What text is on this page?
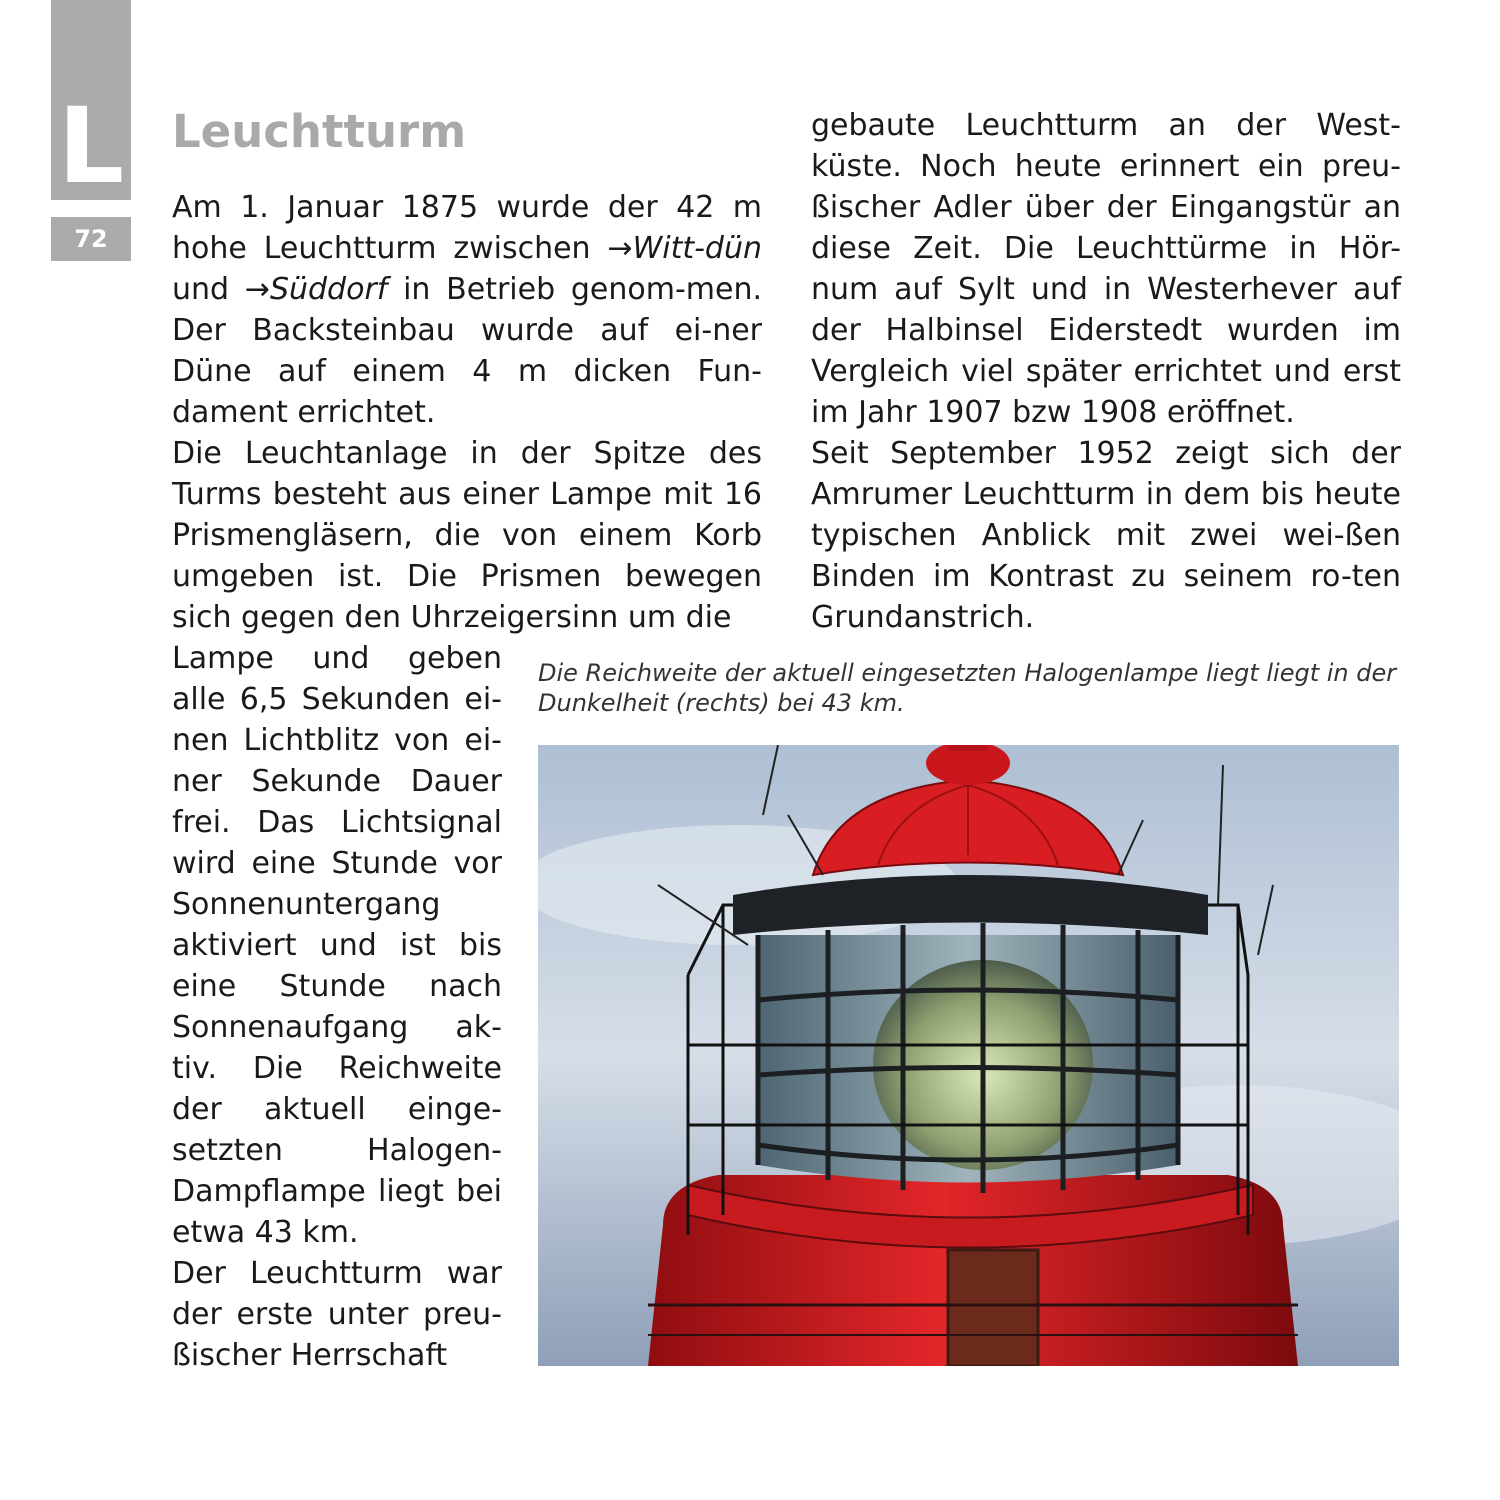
L
72
Leuchtturm

Am 1. Januar 1875 wurde der 42 m hohe Leuchtturm zwischen →Witt-dün und →Süddorf in Betrieb genom-men. Der Backsteinbau wurde auf ei-ner Düne auf einem 4 m dicken Fun-dament errichtet.

Die Leuchtanlage in der Spitze des Turms besteht aus einer Lampe mit 16 Prismengläsern, die von einem Korb umgeben ist. Die Prismen bewegen sich gegen den Uhrzeigersinn um die

Lampe und geben alle 6,5 Sekunden ei-nen Lichtblitz von ei-ner Sekunde Dauer frei. Das Lichtsignal wird eine Stunde vor Sonnenuntergang aktiviert und ist bis eine Stunde nach Sonnenaufgang ak-tiv. Die Reichweite der aktuell einge-setzten Halogen-Dampflampe liegt bei etwa 43 km.

Der Leuchtturm war der erste unter preu-ßischer Herrschaft

gebaute Leuchtturm an der West-küste. Noch heute erinnert ein preu-ßischer Adler über der Eingangstür an diese Zeit. Die Leuchttürme in Hör-num auf Sylt und in Westerhever auf der Halbinsel Eiderstedt wurden im Vergleich viel später errichtet und erst im Jahr 1907 bzw 1908 eröffnet.

Seit September 1952 zeigt sich der Amrumer Leuchtturm in dem bis heute typischen Anblick mit zwei wei-ßen Binden im Kontrast zu seinem ro-ten Grundanstrich.

Die Reichweite der aktuell eingesetzten Halogenlampe liegt liegt in der Dunkelheit (rechts) bei 43 km.
